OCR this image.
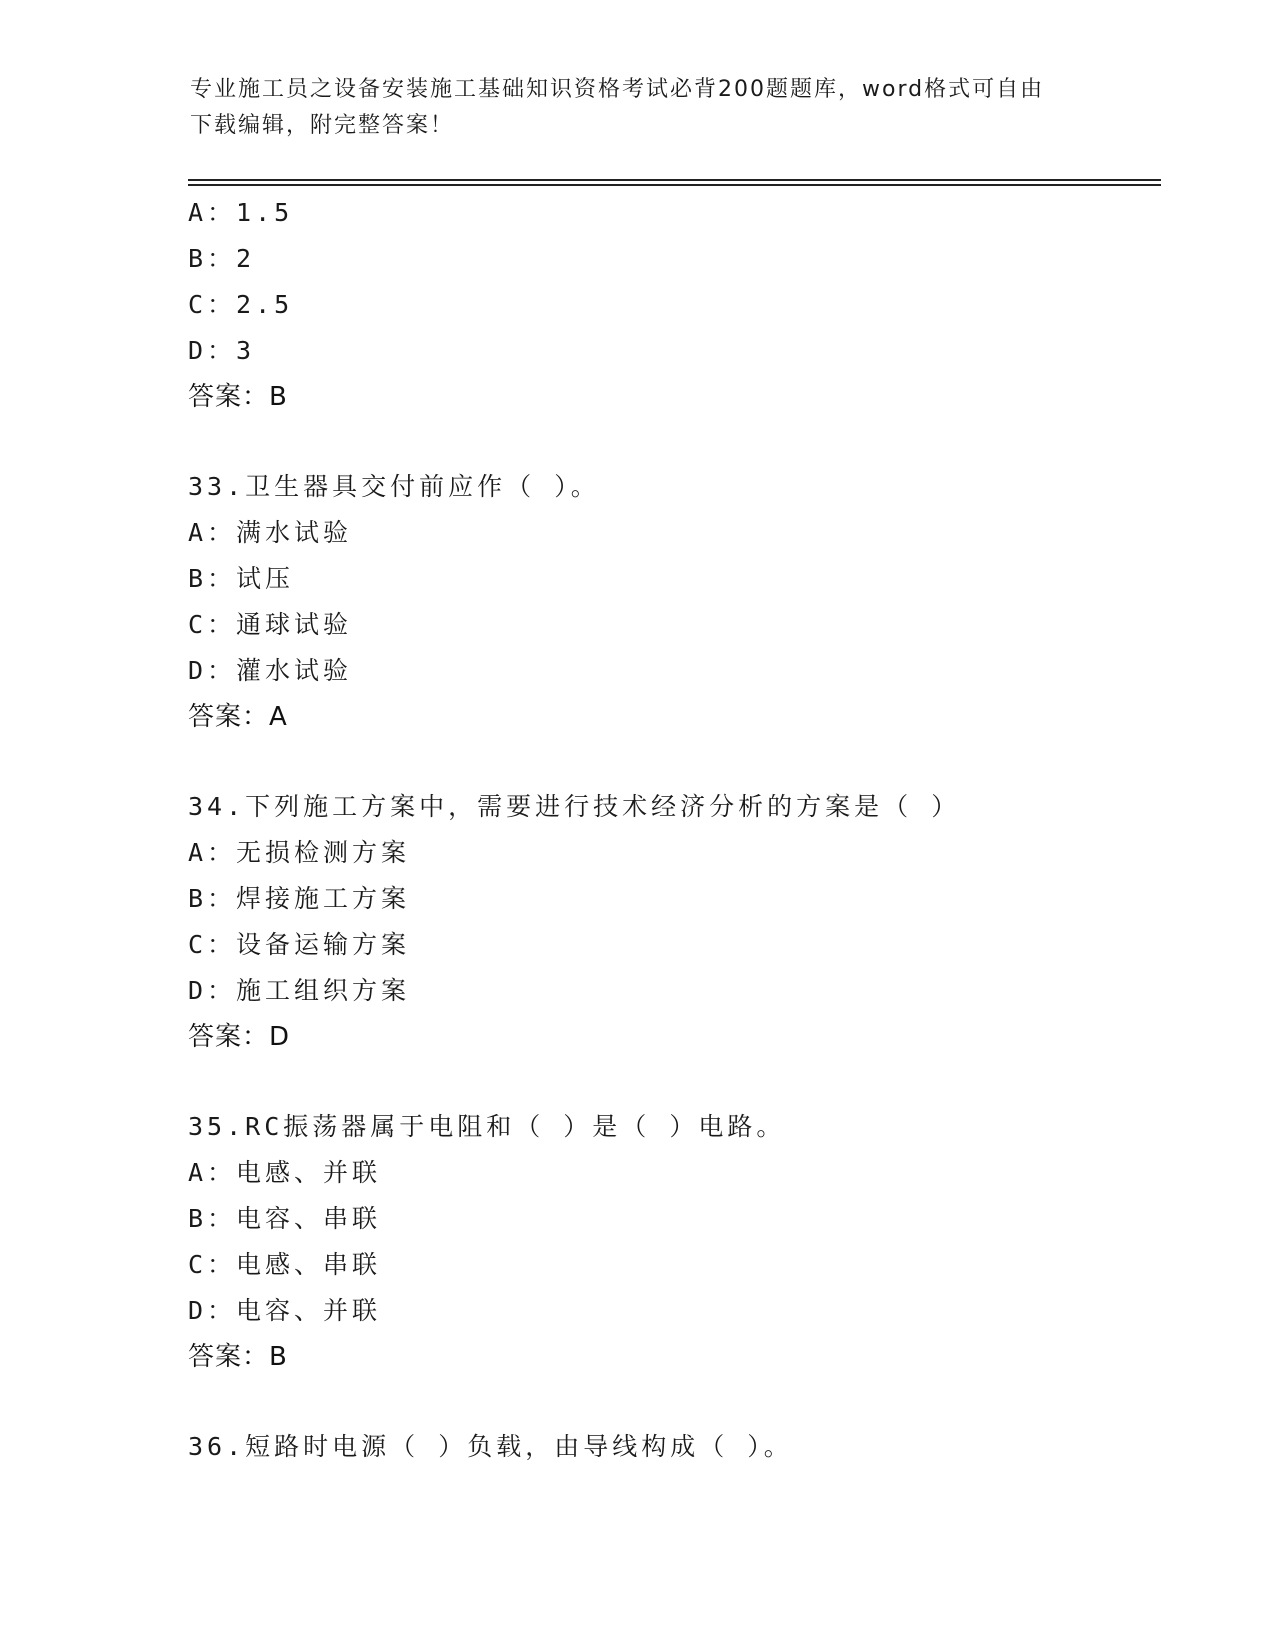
专业施工员之设备安装施工基础知识资格考试必背200题题库，word格式可自由
下载编辑，附完整答案！
A：1.5
B：2
C：2.5
D：3
答案：B
33.卫生器具交付前应作（ ）。
A：满水试验
B：试压
C：通球试验
D：灌水试验
答案：A
34.下列施工方案中，需要进行技术经济分析的方案是（ ）
A：无损检测方案
B：焊接施工方案
C：设备运输方案
D：施工组织方案
答案：D
35.RC振荡器属于电阻和（ ）是（ ）电路。
A：电感、并联
B：电容、串联
C：电感、串联
D：电容、并联
答案：B
36.短路时电源（ ）负载，由导线构成（ ）。
